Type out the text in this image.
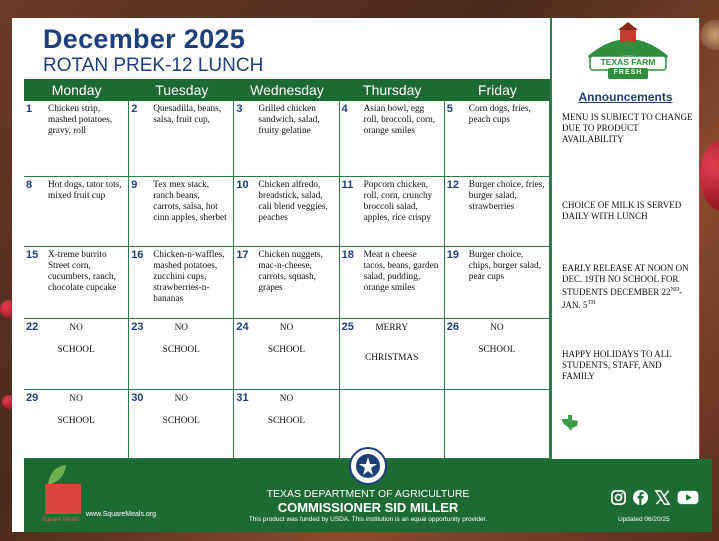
December 2025
ROTAN PREK-12 LUNCH
Monday	Tuesday	Wednesday	Thursday	Friday
1 Chicken strip, mashed potatoes, gravy, roll
2 Quesadilla, beans, salsa, fruit cup,
3 Grilled chicken sandwich, salad, fruity gelatine
4 Asian bowl, egg roll, broccoli, corn, orange smiles
5 Corn dogs, fries, peach cups
8 Hot dogs, tator tots, mixed fruit cup
9 Tex mex stack, ranch beans, carrots, salsa, hot cinn apples, sherbet
10 Chicken alfredo, breadstick, salad, cali blend veggies, peaches
11 Popcorn chicken, roll, corn, crunchy broccoli salad, apples, rice crispy
12 Burger choice, fries, burger salad, strawberries
15 X-treme burrito Street corn, cucumbers, ranch, chocolate cupcake
16 Chicken-n-waffles, mashed potatoes, zucchini cups, strawberries-n-bananas
17 Chicken nuggets, mac-n-cheese, carrots, squash, grapes
18 Meat n cheese tacos, beans, garden salad, pudding, orange smiles
19 Burger choice, chips, burger salad, pear cups
22	NO
SCHOOL
23	NO
SCHOOL
24	NO
SCHOOL
25	MERRY
CHRISTMAS
26	NO
SCHOOL
29	NO
SCHOOL
30	NO
SCHOOL
31	NO
SCHOOL
TEXAS FARM
FRESH
Announcements
MENU IS SUBJECT TO CHANGE DUE TO PRODUCT AVAILABILITY
CHOICE OF MILK IS SERVED DAILY WITH LUNCH
EARLY RELEASE AT NOON ON DEC. 19TH NO SCHOOL FOR STUDENTS DECEMBER 22ND-JAN. 5TH
HAPPY HOLIDAYS TO ALL STUDENTS, STAFF, AND FAMILY
Square Meals
www.SquareMeals.org
TEXAS DEPARTMENT OF AGRICULTURE
COMMISSIONER SID MILLER
This product was funded by USDA. This institution is an equal opportunity provider.	Updated 06/20/25
